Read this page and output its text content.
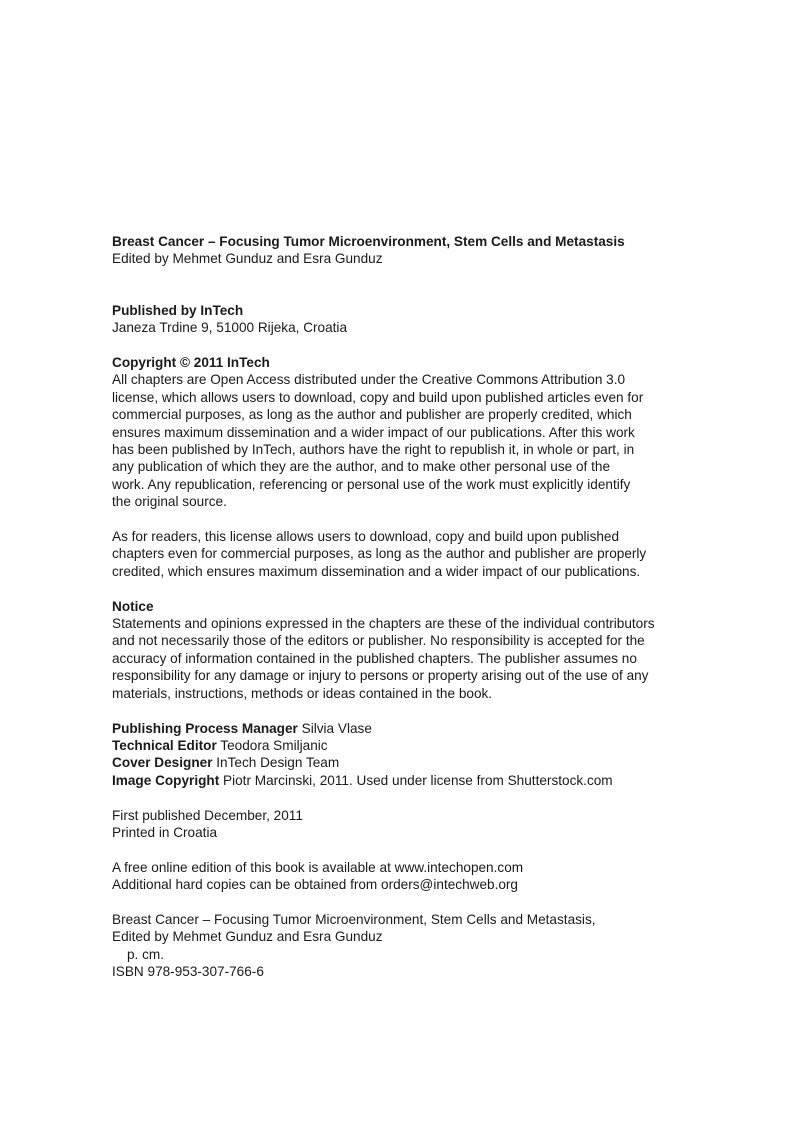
Breast Cancer – Focusing Tumor Microenvironment, Stem Cells and Metastasis
Edited by Mehmet Gunduz and Esra Gunduz
Published by InTech
Janeza Trdine 9, 51000 Rijeka, Croatia
Copyright © 2011 InTech
All chapters are Open Access distributed under the Creative Commons Attribution 3.0
license, which allows users to download, copy and build upon published articles even for
commercial purposes, as long as the author and publisher are properly credited, which
ensures maximum dissemination and a wider impact of our publications. After this work
has been published by InTech, authors have the right to republish it, in whole or part, in
any publication of which they are the author, and to make other personal use of the
work. Any republication, referencing or personal use of the work must explicitly identify
the original source.
As for readers, this license allows users to download, copy and build upon published
chapters even for commercial purposes, as long as the author and publisher are properly
credited, which ensures maximum dissemination and a wider impact of our publications.
Notice
Statements and opinions expressed in the chapters are these of the individual contributors
and not necessarily those of the editors or publisher. No responsibility is accepted for the
accuracy of information contained in the published chapters. The publisher assumes no
responsibility for any damage or injury to persons or property arising out of the use of any
materials, instructions, methods or ideas contained in the book.
Publishing Process Manager Silvia Vlase
Technical Editor Teodora Smiljanic
Cover Designer InTech Design Team
Image Copyright Piotr Marcinski, 2011. Used under license from Shutterstock.com
First published December, 2011
Printed in Croatia
A free online edition of this book is available at www.intechopen.com
Additional hard copies can be obtained from orders@intechweb.org
Breast Cancer – Focusing Tumor Microenvironment, Stem Cells and Metastasis,
Edited by Mehmet Gunduz and Esra Gunduz
p. cm.
ISBN 978-953-307-766-6
